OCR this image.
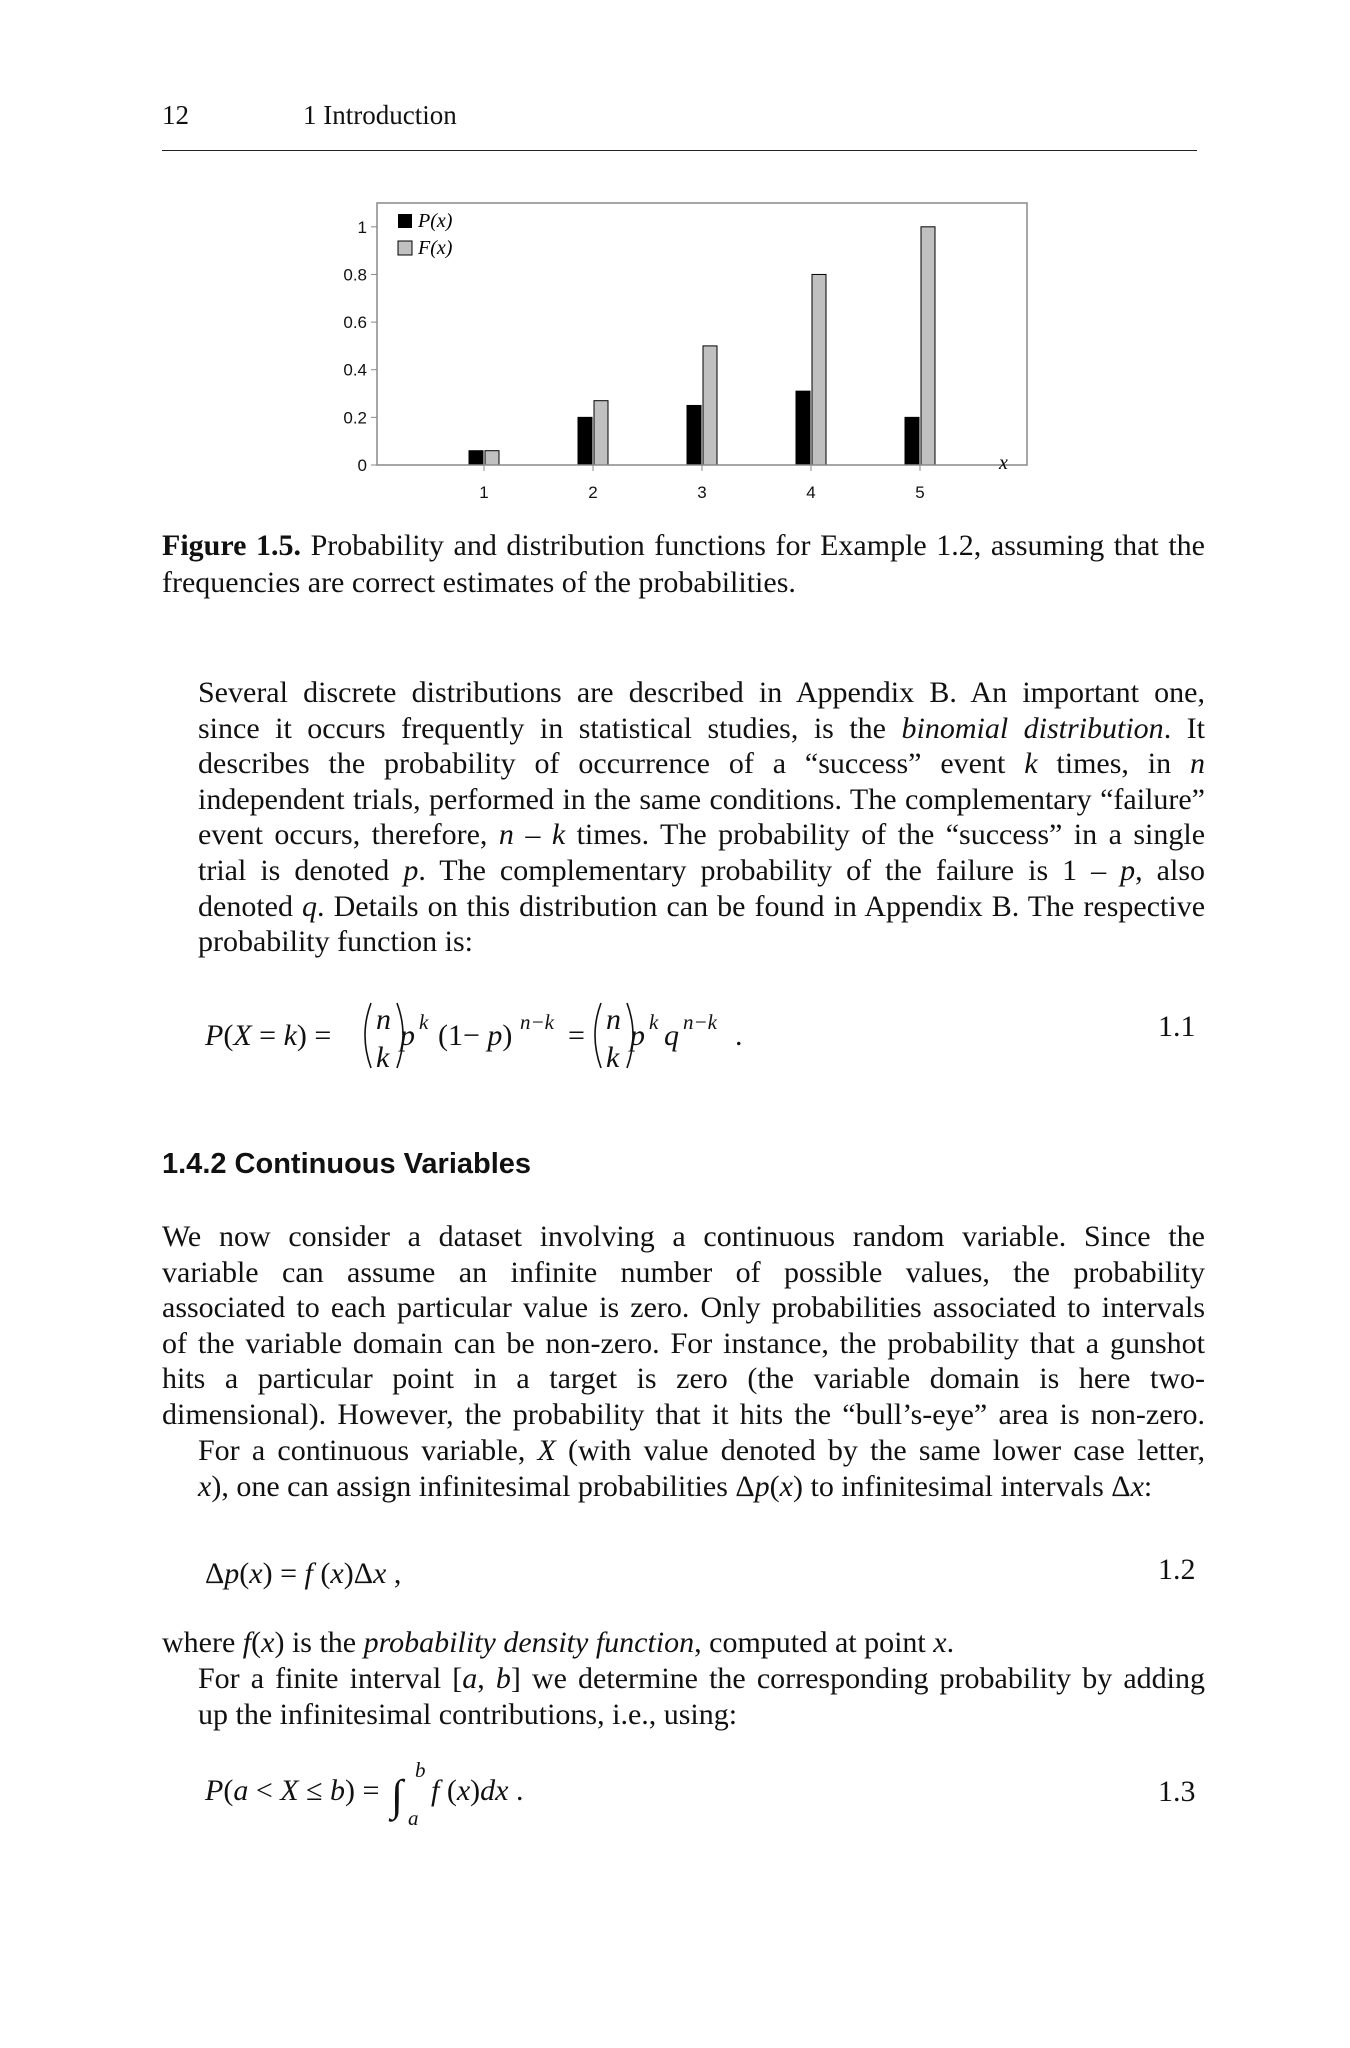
12	1 Introduction
0
0.2
0.4
0.6
0.8
1
1	2	3	4	5
P(x)
F(x)
x
Figure 1.5. Probability and distribution functions for Example 1.2, assuming that the frequencies are correct estimates of the probabilities.
Several discrete distributions are described in Appendix B. An important one,
since it occurs frequently in statistical studies, is the binomial distribution. It
describes the probability of occurrence of a “success” event k times, in n
independent trials, performed in the same conditions. The complementary “failure”
event occurs, therefore, n – k times. The probability of the “success” in a single
trial is denoted p. The complementary probability of the failure is 1 – p, also
denoted q. Details on this distribution can be found in Appendix B. The respective
probability function is:
P(X = k) = n
k
p k (1− p) n−k = n
k
p k q n−k .	1.1
1.4.2 Continuous Variables
We now consider a dataset involving a continuous random variable. Since the
variable can assume an infinite number of possible values, the probability
associated to each particular value is zero. Only probabilities associated to intervals
of the variable domain can be non-zero. For instance, the probability that a gunshot
hits a particular point in a target is zero (the variable domain is here two-
dimensional). However, the probability that it hits the “bull’s-eye” area is non-zero.
For a continuous variable, X (with value denoted by the same lower case letter,
x), one can assign infinitesimal probabilities Δp(x) to infinitesimal intervals Δx:
Δp(x) = f (x)Δx ,	1.2
where f(x) is the probability density function, computed at point x.
For a finite interval [a, b] we determine the corresponding probability by adding
up the infinitesimal contributions, i.e., using:
P(a < X ≤ b) = ∫
b
a
f (x)dx .	1.3
